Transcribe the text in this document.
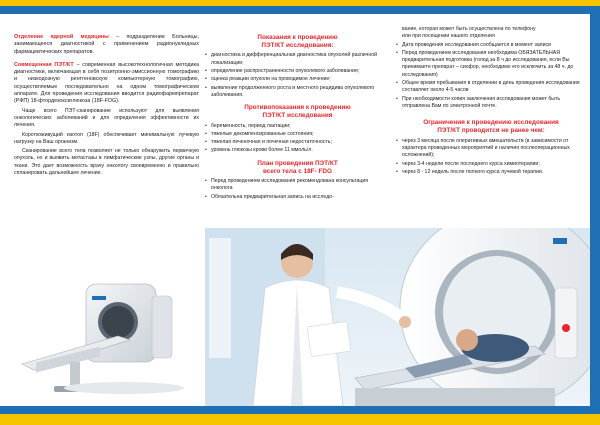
Отделение ядерной медицины – подразделение Больницы, занимающееся диагностикой с применением радионуклидных фармацевтических препаратов.

Совмещенная ПЭТ/КТ – современная высокотехнологичная методика диагностики, включающая в себя позитронно-эмиссионную томографию и низкодозную рентгеновскую компьютерную томографию, осуществляемые последовательно на одном томографическом аппарате. Для проведения исследования вводится радиофармпрепарат (РФП) 18-фтордезоксиглюкоза (18F-FDG).

Чаще всего ПЭТ-сканирование используют для выявления онкологических заболеваний и для определения эффективности их лечения.

Короткоживущий изотоп (18F) обеспечивает минимальную лучевую нагрузку на Ваш организм.

Сканирование всего тела позволяет не только обнаружить первичную опухоль, но и выявить метастазы в лимфатические узлы, другие органы и ткани. Это дает возможность врачу онкологу своевременно и правильно спланировать дальнейшее лечение.

Показания к проведению
ПЭТ/КТ исследования:
• диагностика и дифференциальная диагностика опухолей различной локализации;
• определение распространенности опухолевого заболевания;
• оценка реакции опухоли на проводимое лечение;
• выявление продолженного роста и местного рецидива опухолевого заболевания.
Противопоказания к проведению
ПЭТ/КТ исследования
• беременность, период лактации;
• тяжелые декомпенсированные состояния;
• тяжелая печеночная и почечная недостаточность;
• уровень глюкозы крови более 11 ммоль/л.
План проведения ПЭТ/КТ
всего тела с 18F- FDG
• Перед проведением исследования рекомендована консультация онколога
• Обязательна предварительная запись на исследо-
вание, которая может быть осуществлена по телефону
или при посещении нашего отделения
• Дата проведения исследования сообщается в момент записи
• Перед проведением исследования необходима ОБЯЗАТЕЛЬНАЯ предварительная подготовка (голод за 8 ч до исследования, если Вы принимаете препарат – сиофор, необходимо его исключить за 48 ч. до исследования)
• Общее время пребывания в отделении в день проведения исследования составляет около 4-5 часов
• При необходимости копия заключения исследования может быть отправлена Вам по электронной почте.
Ограничения к проведению исследования
ПЭТ/КТ проводится не ранее чем:
• через 3 месяца после оперативных вмешательств (в зависимости от характера проведенных мероприятий и наличия послеоперационных осложнений);
• через 3-4 недели после последнего курса химиотерапии;
• через 8 - 12 недель после полного курса лучевой терапии.
